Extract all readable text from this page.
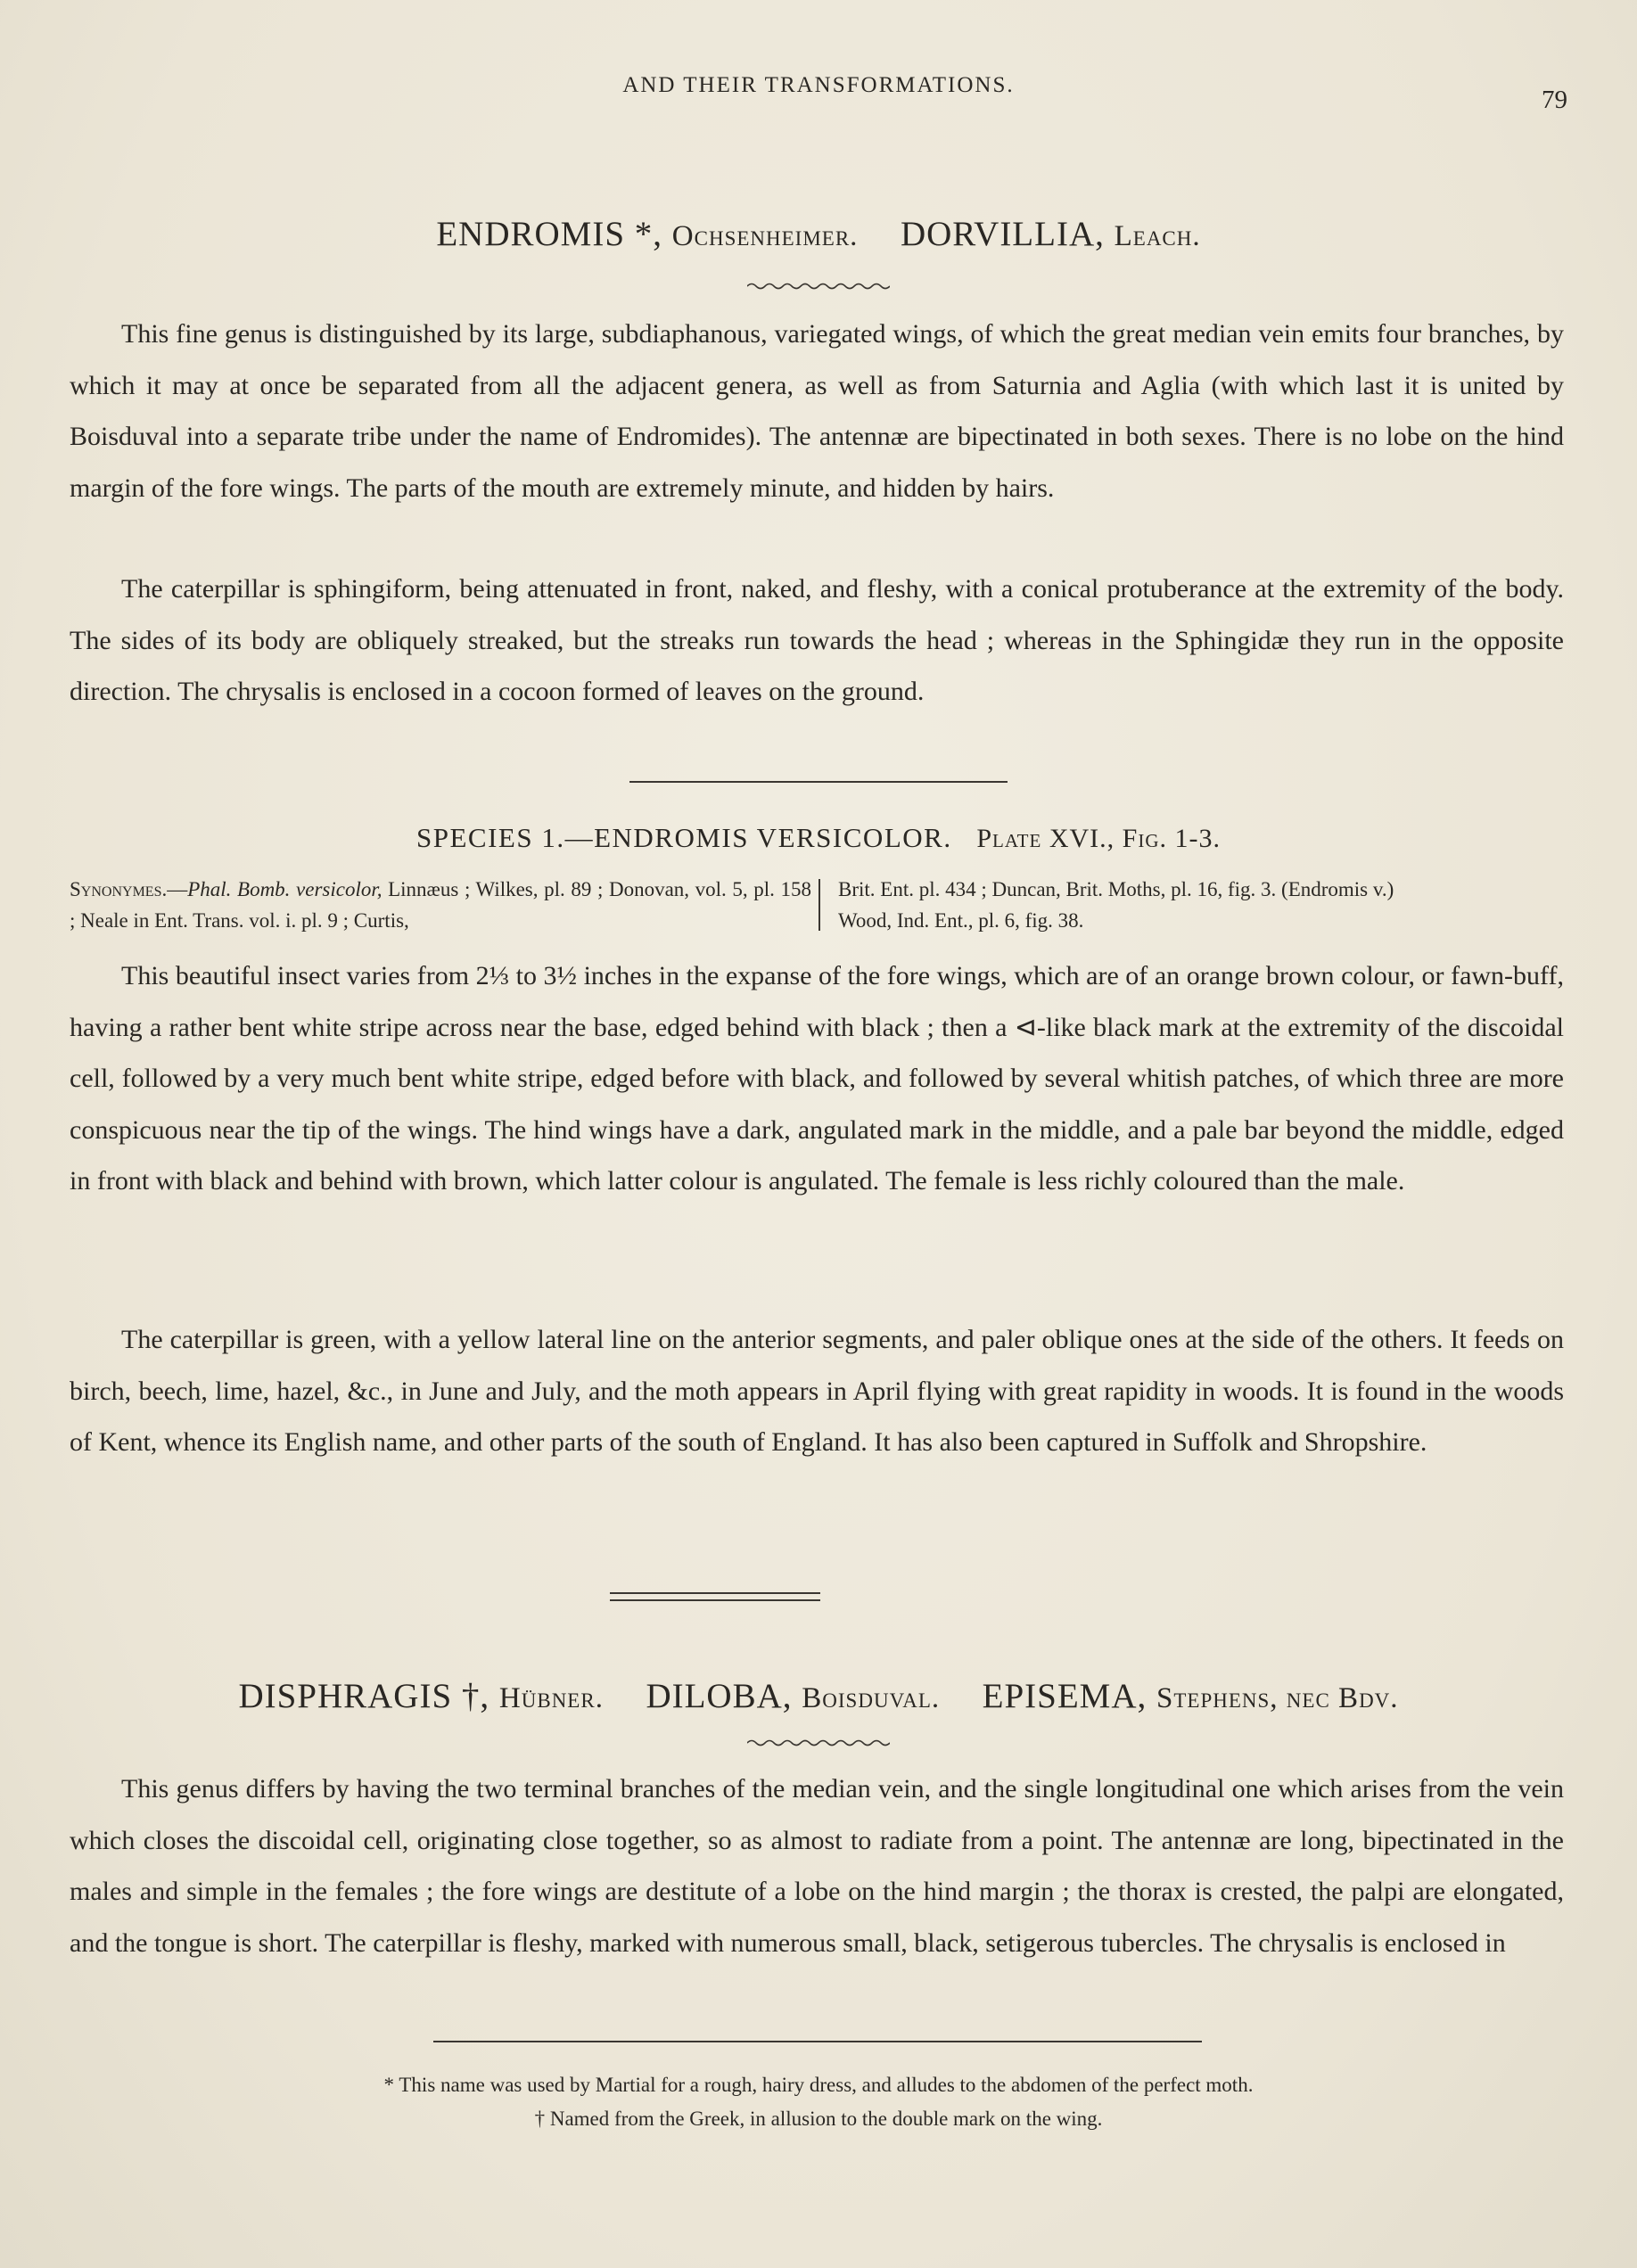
AND THEIR TRANSFORMATIONS.
79
ENDROMIS *, Ochsenheimer. DORVILLIA, Leach.

This fine genus is distinguished by its large, subdiaphanous, variegated wings, of which the great median vein emits four branches, by which it may at once be separated from all the adjacent genera, as well as from Saturnia and Aglia (with which last it is united by Boisduval into a separate tribe under the name of Endromides). The antennæ are bipectinated in both sexes. There is no lobe on the hind margin of the fore wings. The parts of the mouth are extremely minute, and hidden by hairs.

The caterpillar is sphingiform, being attenuated in front, naked, and fleshy, with a conical protuberance at the extremity of the body. The sides of its body are obliquely streaked, but the streaks run towards the head ; whereas in the Sphingidæ they run in the opposite direction. The chrysalis is enclosed in a cocoon formed of leaves on the ground.

SPECIES 1.—ENDROMIS VERSICOLOR. Plate XVI., Fig. 1-3.
Synonymes.—Phal. Bomb. versicolor, Linnæus ; Wilkes, pl. 89 ; Donovan, vol. 5, pl. 158 ; Neale in Ent. Trans. vol. i. pl. 9 ; Curtis,
Brit. Ent. pl. 434 ; Duncan, Brit. Moths, pl. 16, fig. 3. (Endromis v.)
Wood, Ind. Ent., pl. 6, fig. 38.

This beautiful insect varies from 2⅓ to 3½ inches in the expanse of the fore wings, which are of an orange brown colour, or fawn-buff, having a rather bent white stripe across near the base, edged behind with black ; then a ⊲-like black mark at the extremity of the discoidal cell, followed by a very much bent white stripe, edged before with black, and followed by several whitish patches, of which three are more conspicuous near the tip of the wings. The hind wings have a dark, angulated mark in the middle, and a pale bar beyond the middle, edged in front with black and behind with brown, which latter colour is angulated. The female is less richly coloured than the male.

The caterpillar is green, with a yellow lateral line on the anterior segments, and paler oblique ones at the side of the others. It feeds on birch, beech, lime, hazel, &c., in June and July, and the moth appears in April flying with great rapidity in woods. It is found in the woods of Kent, whence its English name, and other parts of the south of England. It has also been captured in Suffolk and Shropshire.

DISPHRAGIS †, Hübner. DILOBA, Boisduval. EPISEMA, Stephens, nec Bdv.

This genus differs by having the two terminal branches of the median vein, and the single longitudinal one which arises from the vein which closes the discoidal cell, originating close together, so as almost to radiate from a point. The antennæ are long, bipectinated in the males and simple in the females ; the fore wings are destitute of a lobe on the hind margin ; the thorax is crested, the palpi are elongated, and the tongue is short. The caterpillar is fleshy, marked with numerous small, black, setigerous tubercles. The chrysalis is enclosed in

* This name was used by Martial for a rough, hairy dress, and alludes to the abdomen of the perfect moth.
† Named from the Greek, in allusion to the double mark on the wing.
